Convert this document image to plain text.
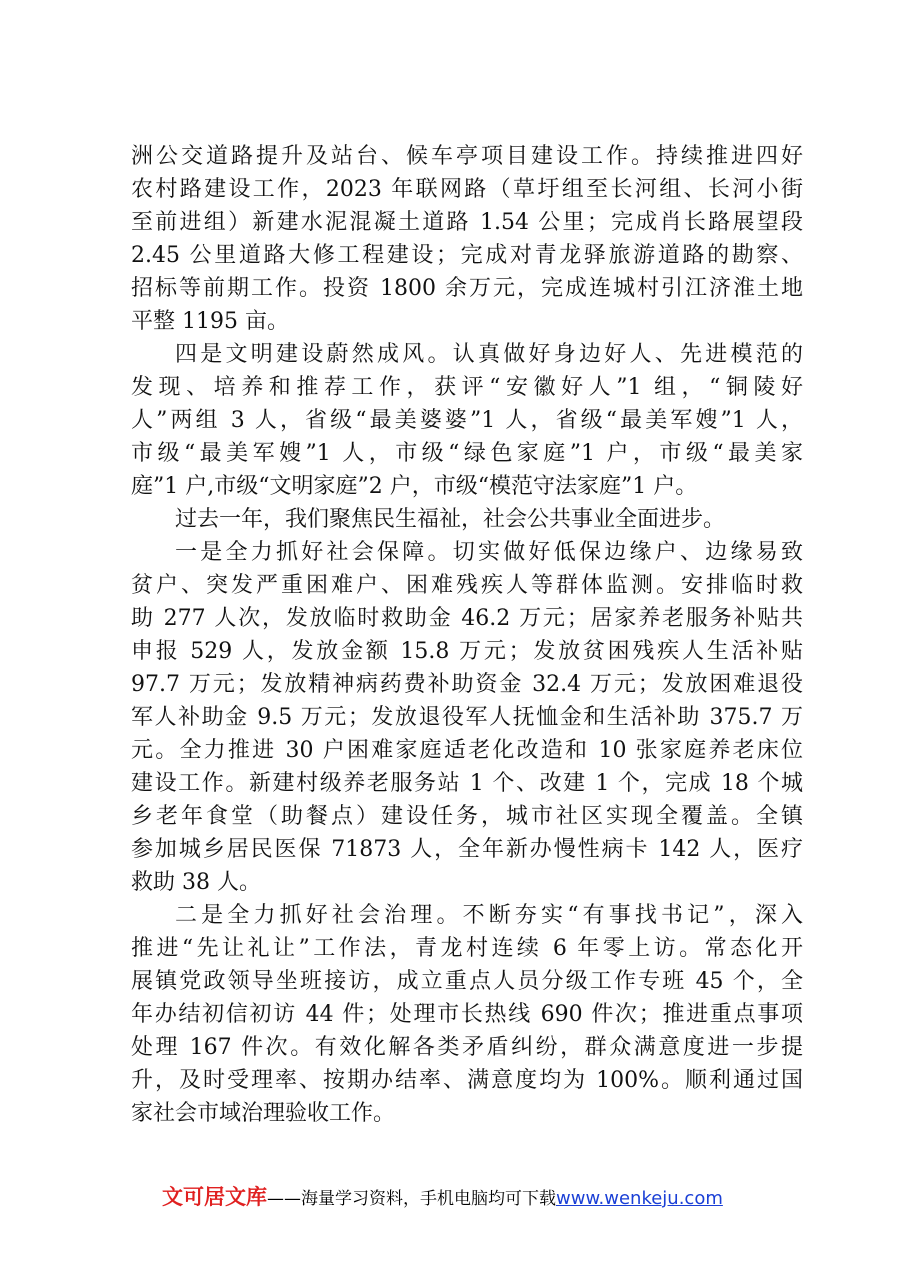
洲公交道路提升及站台、候车亭项目建设工作。持续推进四好
农村路建设工作，2023 年联网路（草圩组至长河组、长河小街
至前进组）新建水泥混凝土道路 1.54 公里；完成肖长路展望段
2.45 公里道路大修工程建设；完成对青龙驿旅游道路的勘察、
招标等前期工作。投资 1800 余万元，完成连城村引江济淮土地
平整 1195 亩。
四是文明建设蔚然成风。认真做好身边好人、先进模范的
发现、培养和推荐工作，获评“安徽好人”1 组，“铜陵好
人”两组 3 人，省级“最美婆婆”1 人，省级“最美军嫂”1 人，
市级“最美军嫂”1 人，市级“绿色家庭”1 户，市级“最美家
庭”1 户,市级“文明家庭”2 户，市级“模范守法家庭”1 户。
过去一年，我们聚焦民生福祉，社会公共事业全面进步。
一是全力抓好社会保障。切实做好低保边缘户、边缘易致
贫户、突发严重困难户、困难残疾人等群体监测。安排临时救
助 277 人次，发放临时救助金 46.2 万元；居家养老服务补贴共
申报 529 人，发放金额 15.8 万元；发放贫困残疾人生活补贴
97.7 万元；发放精神病药费补助资金 32.4 万元；发放困难退役
军人补助金 9.5 万元；发放退役军人抚恤金和生活补助 375.7 万
元。全力推进 30 户困难家庭适老化改造和 10 张家庭养老床位
建设工作。新建村级养老服务站 1 个、改建 1 个，完成 18 个城
乡老年食堂（助餐点）建设任务，城市社区实现全覆盖。全镇
参加城乡居民医保 71873 人，全年新办慢性病卡 142 人，医疗
救助 38 人。
二是全力抓好社会治理。不断夯实“有事找书记”，深入
推进“先让礼让”工作法，青龙村连续 6 年零上访。常态化开
展镇党政领导坐班接访，成立重点人员分级工作专班 45 个，全
年办结初信初访 44 件；处理市长热线 690 件次；推进重点事项
处理 167 件次。有效化解各类矛盾纠纷，群众满意度进一步提
升，及时受理率、按期办结率、满意度均为 100%。顺利通过国
家社会市域治理验收工作。
文可居文库——海量学习资料，手机电脑均可下载www.wenkeju.com
